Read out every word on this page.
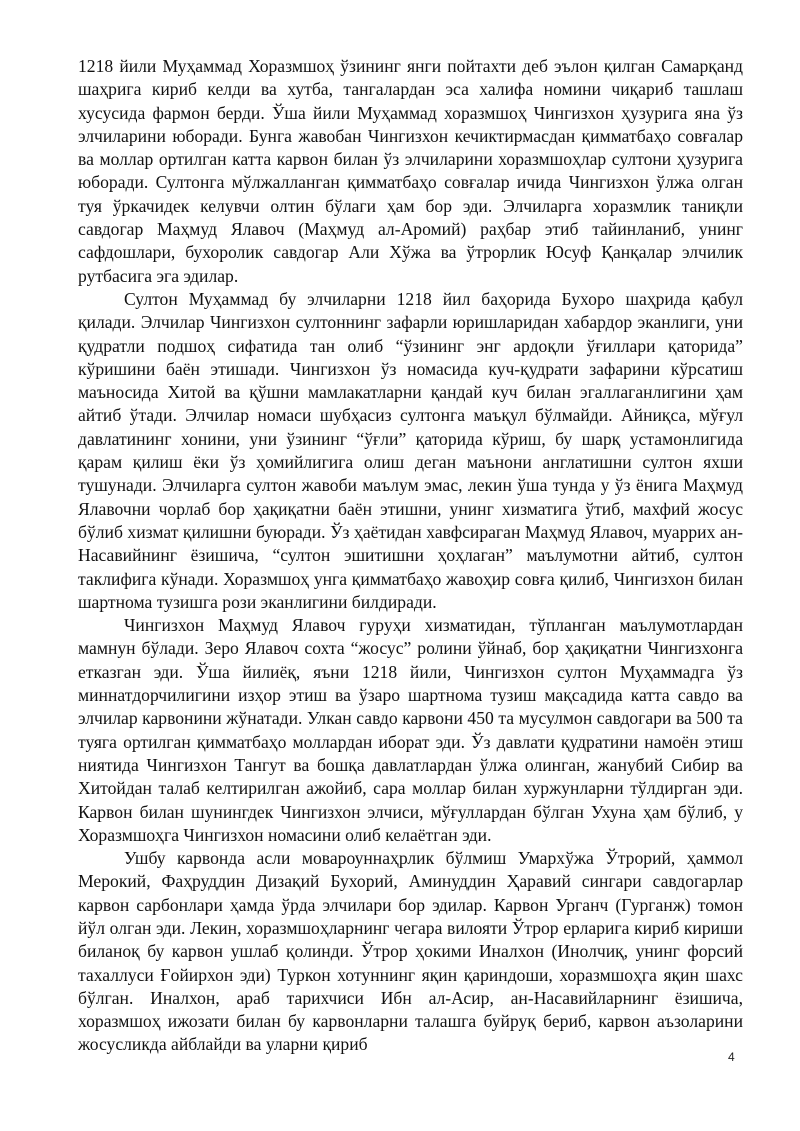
1218 йили Муҳаммад Хоразмшоҳ ўзининг янги пойтахти деб эълон қилган Самарқанд шаҳрига кириб келди ва хутба, тангалардан эса халифа номини чиқариб ташлаш хусусида фармон берди. Ўша йили Муҳаммад хоразмшоҳ Чингизхон ҳузурига яна ўз элчиларини юборади. Бунга жавобан Чингизхон кечиктирмасдан қимматбаҳо совғалар ва моллар ортилган катта карвон билан ўз элчиларини хоразмшоҳлар султони ҳузурига юборади. Султонга мўлжалланган қимматбаҳо совғалар ичида Чингизхон ўлжа олган туя ўркачидек келувчи олтин бўлаги ҳам бор эди. Элчиларга хоразмлик таниқли савдогар Маҳмуд Ялавоч (Маҳмуд ал-Аромий) раҳбар этиб тайинланиб, унинг сафдошлари, бухоролик савдогар Али Хўжа ва ўтрорлик Юсуф Қанқалар элчилик рутбасига эга эдилар.

Султон Муҳаммад бу элчиларни 1218 йил баҳорида Бухоро шаҳрида қабул қилади. Элчилар Чингизхон султоннинг зафарли юришларидан хабардор эканлиги, уни қудратли подшоҳ сифатида тан олиб “ўзининг энг ардоқли ўғиллари қаторида” кўришини баён этишади. Чингизхон ўз номасида куч-қудрати зафарини кўрсатиш маъносида Хитой ва қўшни мамлакатларни қандай куч билан эгаллаганлигини ҳам айтиб ўтади. Элчилар номаси шубҳасиз султонга маъқул бўлмайди. Айниқса, мўғул давлатининг хонини, уни ўзининг “ўғли” қаторида кўриш, бу шарқ устамонлигида қарам қилиш ёки ўз ҳомийлигига олиш деган маънони англатишни султон яхши тушунади. Элчиларга султон жавоби маълум эмас, лекин ўша тунда у ўз ёнига Маҳмуд Ялавочни чорлаб бор ҳақиқатни баён этишни, унинг хизматига ўтиб, махфий жосус бўлиб хизмат қилишни буюради. Ўз ҳаётидан хавфсираган Маҳмуд Ялавоч, муаррих ан-Насавийнинг ёзишича, “султон эшитишни ҳоҳлаган” маълумотни айтиб, султон таклифига кўнади. Хоразмшоҳ унга қимматбаҳо жавоҳир совға қилиб, Чингизхон билан шартнома тузишга рози эканлигини билдиради.

Чингизхон Маҳмуд Ялавоч гуруҳи хизматидан, тўпланган маълумотлардан мамнун бўлади. Зеро Ялавоч сохта “жосус” ролини ўйнаб, бор ҳақиқатни Чингизхонга етказган эди. Ўша йилиёқ, яъни 1218 йили, Чингизхон султон Муҳаммадга ўз миннатдорчилигини изҳор этиш ва ўзаро шартнома тузиш мақсадида катта савдо ва элчилар карвонини жўнатади. Улкан савдо карвони 450 та мусулмон савдогари ва 500 та туяга ортилган қимматбаҳо моллардан иборат эди. Ўз давлати қудратини намоён этиш ниятида Чингизхон Тангут ва бошқа давлатлардан ўлжа олинган, жанубий Сибир ва Хитойдан талаб келтирилган ажойиб, сара моллар билан хуржунларни тўлдирган эди. Карвон билан шунингдек Чингизхон элчиси, мўғуллардан бўлган Ухуна ҳам бўлиб, у Хоразмшоҳга Чингизхон номасини олиб келаётган эди.

Ушбу карвонда асли мовароуннаҳрлик бўлмиш Умархўжа Ўтрорий, ҳаммол Мерокий, Фаҳруддин Дизақий Бухорий, Аминуддин Ҳаравий сингари савдогарлар карвон сарбонлари ҳамда ўрда элчилари бор эдилар. Карвон Урганч (Гурганж) томон йўл олган эди. Лекин, хоразмшоҳларнинг чегара вилояти Ўтрор ерларига кириб кириши биланоқ бу карвон ушлаб қолинди. Ўтрор ҳокими Иналхон (Инолчиқ, унинг форсий тахаллуси Ғойирхон эди) Туркон хотуннинг яқин қариндоши, хоразмшоҳга яқин шахс бўлган. Иналхон, араб тарихчиси Ибн ал-Асир, ан-Насавийларнинг ёзишича, хоразмшоҳ ижозати билан бу карвонларни талашга буйруқ бериб, карвон аъзоларини жосусликда айблайди ва уларни қириб

4
